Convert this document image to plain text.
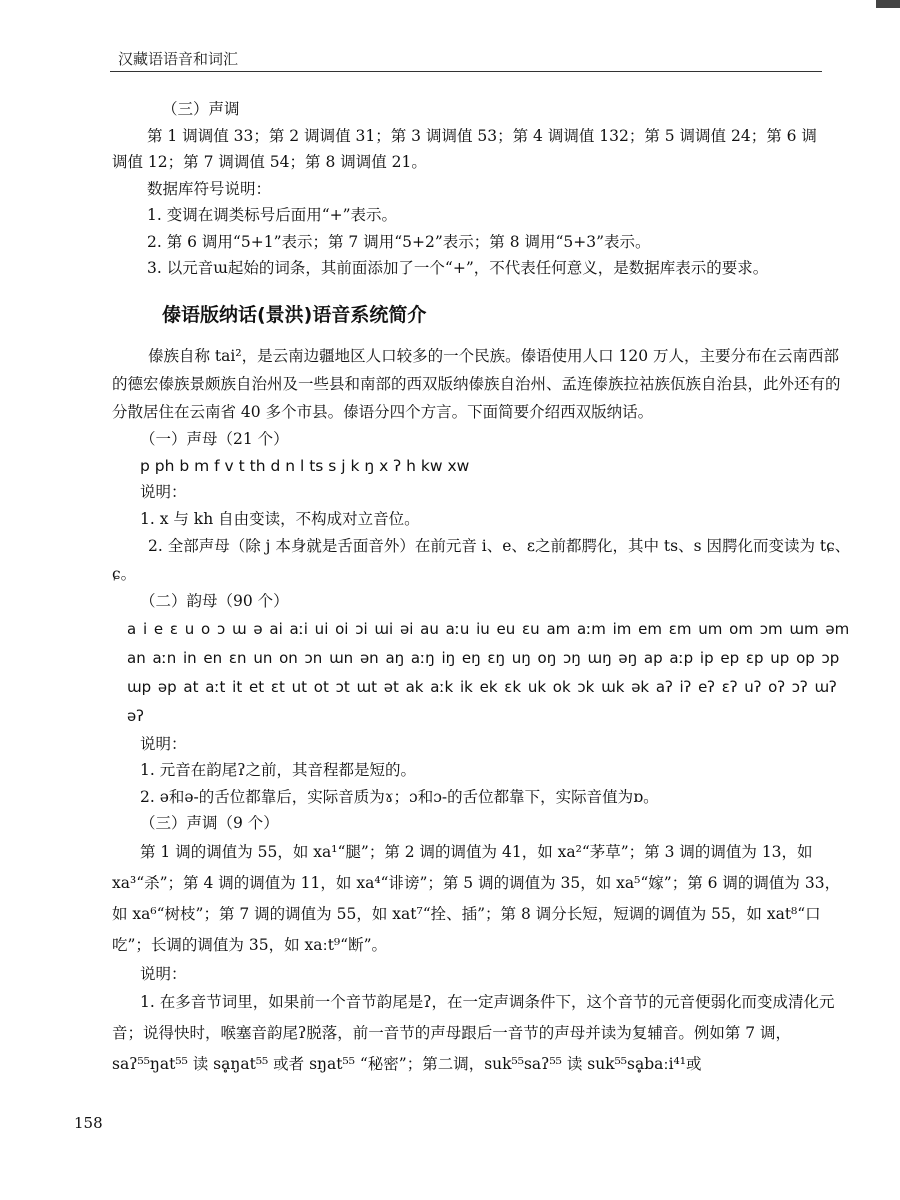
汉藏语语音和词汇

（三）声调

第 1 调调值 33；第 2 调调值 31；第 3 调调值 53；第 4 调调值 132；第 5 调调值 24；第 6 调

调值 12；第 7 调调值 54；第 8 调调值 21。

数据库符号说明：

1. 变调在调类标号后面用“+”表示。

2. 第 6 调用“5+1”表示；第 7 调用“5+2”表示；第 8 调用“5+3”表示。

3. 以元音ɯ起始的词条，其前面添加了一个“+”，不代表任何意义，是数据库表示的要求。

傣语版纳话(景洪)语音系统简介

傣族自称 tai²，是云南边疆地区人口较多的一个民族。傣语使用人口 120 万人，主要分布在云南西部的德宏傣族景颇族自治州及一些县和南部的西双版纳傣族自治州、孟连傣族拉祜族佤族自治县，此外还有的分散居住在云南省 40 多个市县。傣语分四个方言。下面简要介绍西双版纳话。

（一）声母（21 个）

p ph b m f v t th d n l ts s j k ŋ x ʔ h kw xw

说明：

1. x 与 kh 自由变读，不构成对立音位。

2. 全部声母（除 j 本身就是舌面音外）在前元音 i、e、ε之前都腭化，其中 ts、s 因腭化而变读为 tɕ、ɕ。

（二）韵母（90 个）

a i e ε u o ɔ ɯ ə ai aːi ui oi ɔi ɯi əi au aːu iu eu εu am aːm im em εm um om ɔm ɯm əm an aːn in en εn un on ɔn ɯn ən aŋ aːŋ iŋ eŋ εŋ uŋ oŋ ɔŋ ɯŋ əŋ ap aːp ip ep εp up op ɔp ɯp əp at aːt it et εt ut ot ɔt ɯt ət ak aːk ik ek εk uk ok ɔk ɯk ək aʔ iʔ eʔ εʔ uʔ oʔ ɔʔ ɯʔ əʔ

说明：

1. 元音在韵尾ʔ之前，其音程都是短的。

2. ə和ə-的舌位都靠后，实际音质为ɤ；ɔ和ɔ-的舌位都靠下，实际音值为ɒ。

（三）声调（9 个）

第 1 调的调值为 55，如 xa¹“腿”；第 2 调的调值为 41，如 xa²“茅草”；第 3 调的调值为 13，如 xa³“杀”；第 4 调的调值为 11，如 xa⁴“诽谤”；第 5 调的调值为 35，如 xa⁵“嫁”；第 6 调的调值为 33，如 xa⁶“树枝”；第 7 调的调值为 55，如 xat⁷“拴、插”；第 8 调分长短，短调的调值为 55，如 xat⁸“口吃”；长调的调值为 35，如 xaːt⁹“断”。

说明：

1. 在多音节词里，如果前一个音节韵尾是ʔ，在一定声调条件下，这个音节的元音便弱化而变成清化元音；说得快时，喉塞音韵尾ʔ脱落，前一音节的声母跟后一音节的声母并读为复辅音。例如第 7 调，saʔ⁵⁵ŋat⁵⁵ 读 sḁŋat⁵⁵ 或者 sŋat⁵⁵ “秘密”；第二调，suk⁵⁵saʔ⁵⁵ 读 suk⁵⁵sḁbaːi⁴¹或

158
